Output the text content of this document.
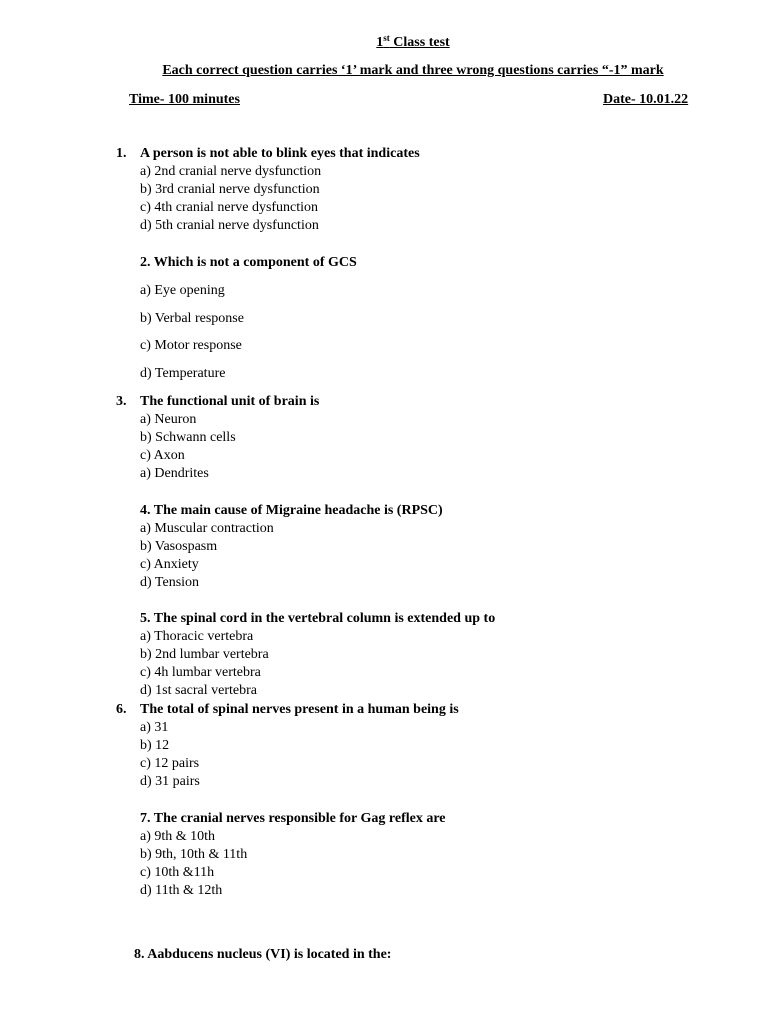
1st Class test
Each correct question carries ‘1’ mark and three wrong questions carries “-1” mark
Time- 100 minutes	Date- 10.01.22
1. A person is not able to blink eyes that indicates
a) 2nd cranial nerve dysfunction
b) 3rd cranial nerve dysfunction
c) 4th cranial nerve dysfunction
d) 5th cranial nerve dysfunction
2. Which is not a component of GCS
a) Eye opening
b) Verbal response
c) Motor response
d) Temperature
3. The functional unit of brain is
a) Neuron
b) Schwann cells
c) Axon
a) Dendrites
4. The main cause of Migraine headache is (RPSC)
a) Muscular contraction
b) Vasospasm
c) Anxiety
d) Tension
5. The spinal cord in the vertebral column is extended up to
a) Thoracic vertebra
b) 2nd lumbar vertebra
c) 4h lumbar vertebra
d) 1st sacral vertebra
6. The total of spinal nerves present in a human being is
a) 31
b) 12
c) 12 pairs
d) 31 pairs
7. The cranial nerves responsible for Gag reflex are
a) 9th & 10th
b) 9th, 10th & 11th
c) 10th &11h
d) 11th & 12th
8. Aabducens nucleus (VI) is located in the:
